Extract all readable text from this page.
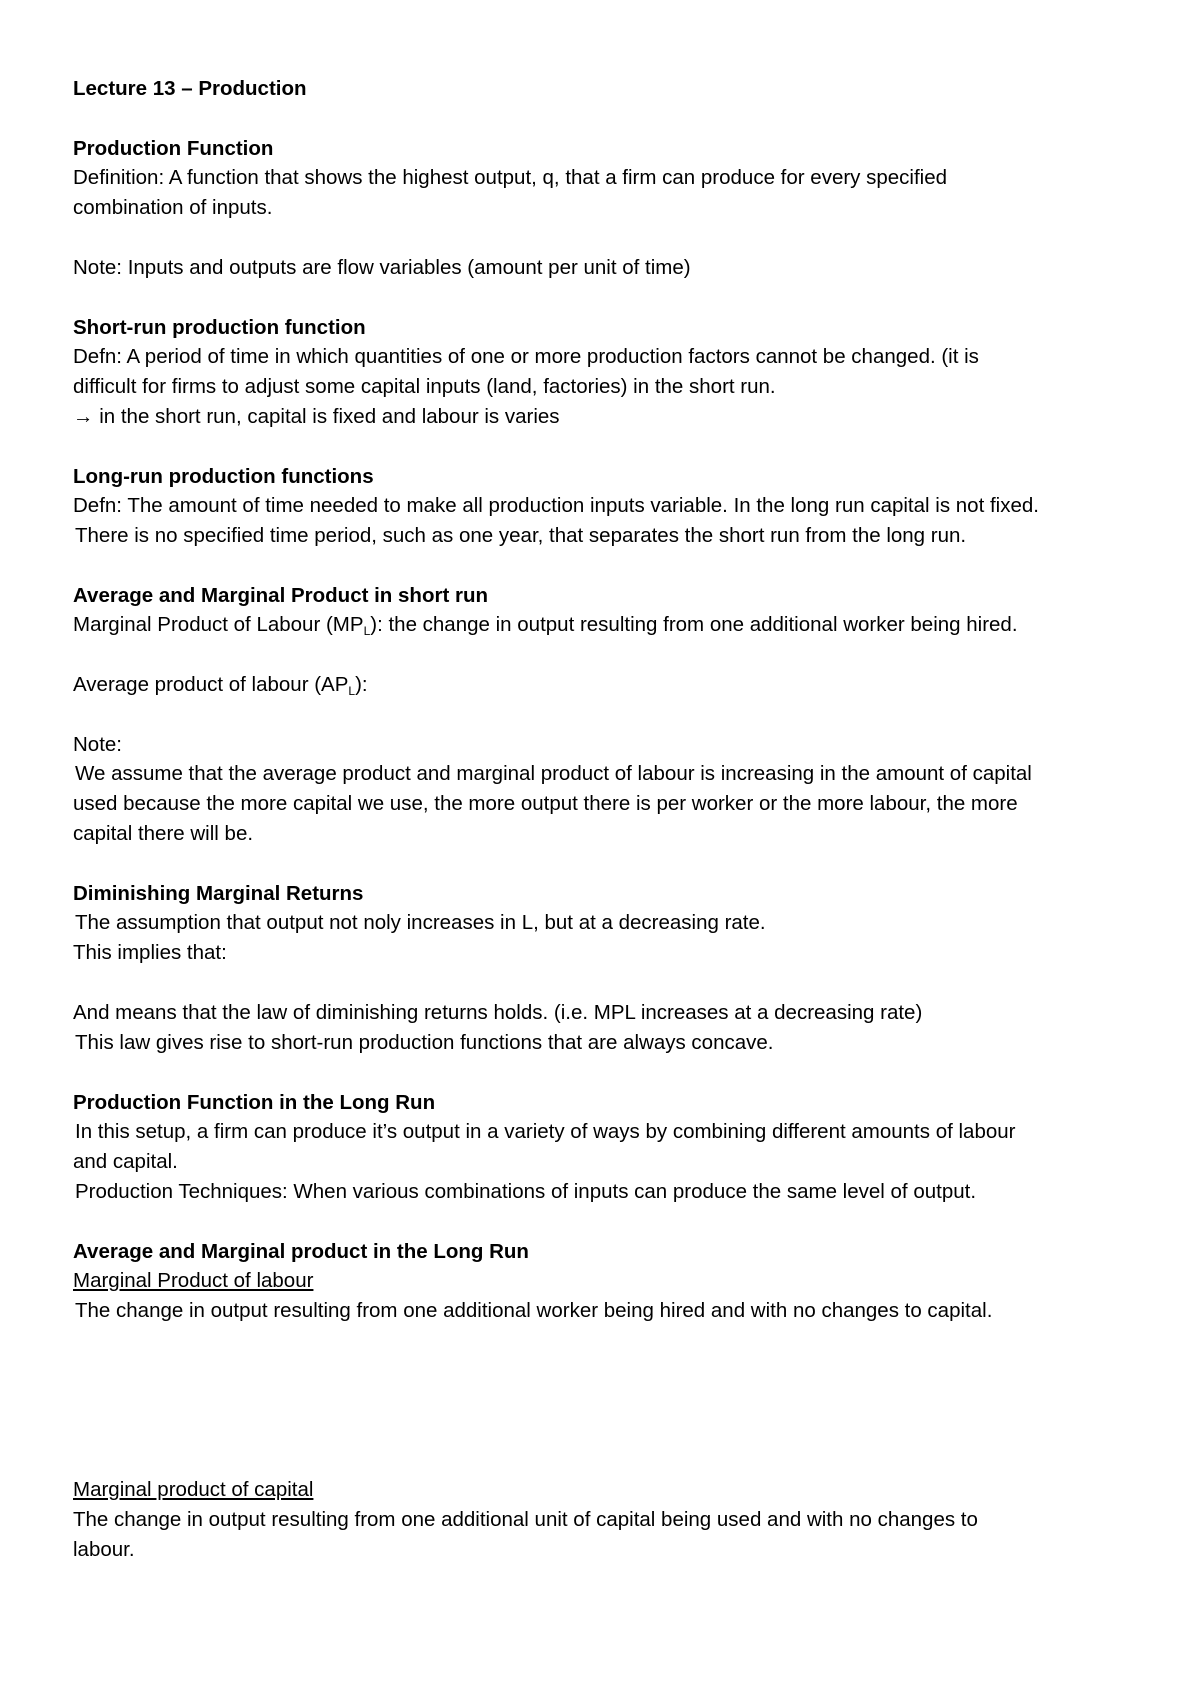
Lecture 13 – Production
Production Function
Definition: A function that shows the highest output, q, that a firm can produce for every specified
combination of inputs.
Note: Inputs and outputs are flow variables (amount per unit of time)
Short-run production function
Defn: A period of time in which quantities of one or more production factors cannot be changed. (it is
difficult for firms to adjust some capital inputs (land, factories) in the short run.
→ in the short run, capital is fixed and labour is varies
Long-run production functions
Defn: The amount of time needed to make all production inputs variable. In the long run capital is not fixed.
There is no specified time period, such as one year, that separates the short run from the long run.
Average and Marginal Product in short run
Marginal Product of Labour $(MP_L)$: the change in output resulting from one additional worker being hired.
Average product of labour $(AP_L)$:
Note:
We assume that the average product and marginal product of labour is increasing in the amount of capital
used because the more capital we use, the more output there is per worker or the more labour, the more
capital there will be.
Diminishing Marginal Returns
The assumption that output not noly increases in L, but at a decreasing rate.
This implies that:
And means that the law of diminishing returns holds. (i.e. MPL increases at a decreasing rate)
This law gives rise to short-run production functions that are always concave.
Production Function in the Long Run
In this setup, a firm can produce it’s output in a variety of ways by combining different amounts of labour
and capital.
Production Techniques: When various combinations of inputs can produce the same level of output.
Average and Marginal product in the Long Run
Marginal Product of labour
The change in output resulting from one additional worker being hired and with no changes to capital.
Marginal product of capital
The change in output resulting from one additional unit of capital being used and with no changes to
labour.
